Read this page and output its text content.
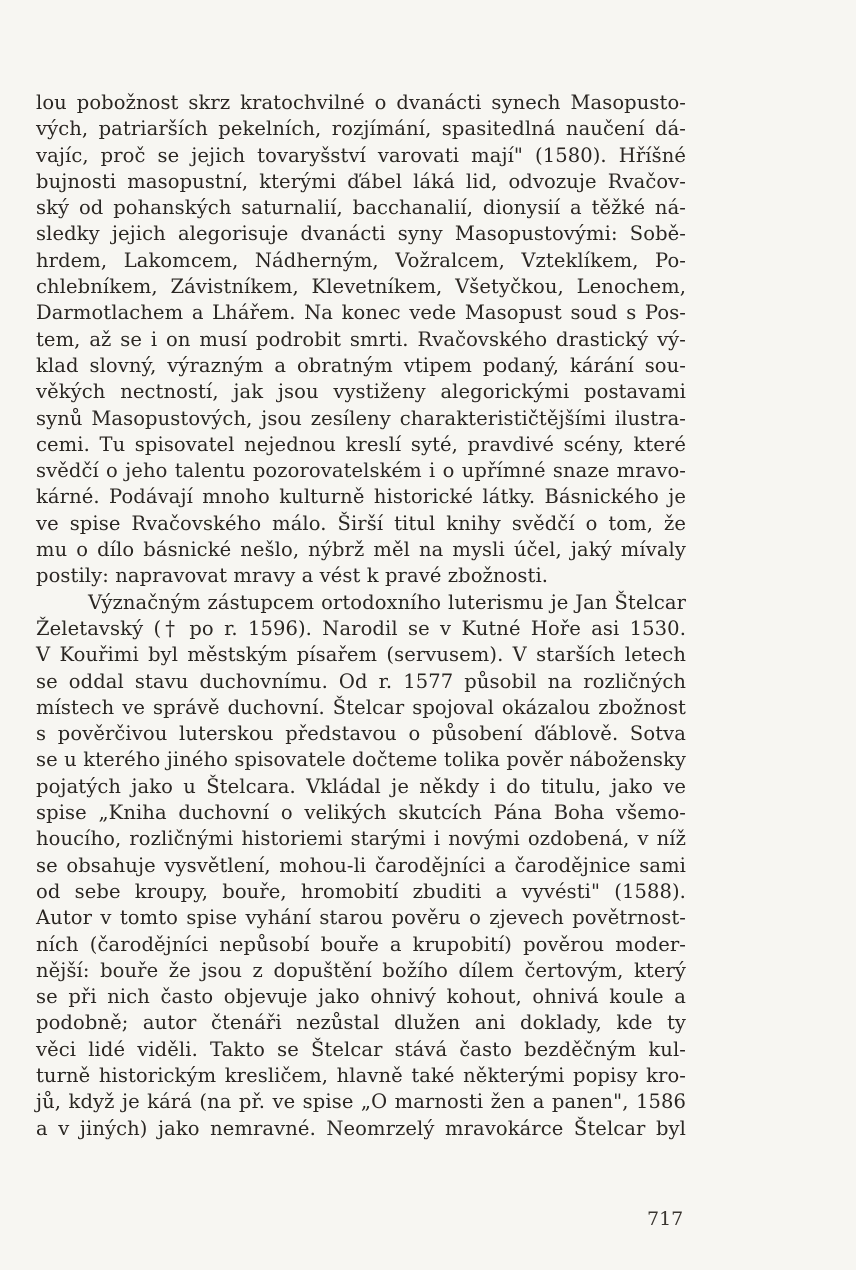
lou pobožnost skrz kratochvilné o dvanácti synech Masopusto-
vých, patriarších pekelních, rozjímání, spasitedlná naučení dá-
vajíc, proč se jejich tovaryšství varovati mají" (1580). Hříšné
bujnosti masopustní, kterými ďábel láká lid, odvozuje Rvačov-
ský od pohanských saturnalií, bacchanalií, dionysií a těžké ná-
sledky jejich alegorisuje dvanácti syny Masopustovými: Sobě-
hrdem, Lakomcem, Nádherným, Vožralcem, Vzteklíkem, Po-
chlebníkem, Závistníkem, Klevetníkem, Všetyčkou, Lenochem,
Darmotlachem a Lhářem. Na konec vede Masopust soud s Pos-
tem, až se i on musí podrobit smrti. Rvačovského drastický vý-
klad slovný, výrazným a obratným vtipem podaný, kárání sou-
věkých nectností, jak jsou vystiženy alegorickými postavami
synů Masopustových, jsou zesíleny charakterističtějšími ilustra-
cemi. Tu spisovatel nejednou kreslí syté, pravdivé scény, které
svědčí o jeho talentu pozorovatelském i o upřímné snaze mravo-
kárné. Podávají mnoho kulturně historické látky. Básnického je
ve spise Rvačovského málo. Širší titul knihy svědčí o tom, že
mu o dílo básnické nešlo, nýbrž měl na mysli účel, jaký mívaly
postily: napravovat mravy a vést k pravé zbožnosti.
Význačným zástupcem ortodoxního luterismu je Jan Štelcar
Želetavský († po r. 1596). Narodil se v Kutné Hoře asi 1530.
V Kouřimi byl městským písařem (servusem). V starších letech
se oddal stavu duchovnímu. Od r. 1577 působil na rozličných
místech ve správě duchovní. Štelcar spojoval okázalou zbožnost
s pověrčivou luterskou představou o působení ďáblově. Sotva
se u kterého jiného spisovatele dočteme tolika pověr nábožensky
pojatých jako u Štelcara. Vkládal je někdy i do titulu, jako ve
spise „Kniha duchovní o velikých skutcích Pána Boha všemo-
houcího, rozličnými historiemi starými i novými ozdobená, v níž
se obsahuje vysvětlení, mohou-li čarodějníci a čarodějnice sami
od sebe kroupy, bouře, hromobití zbuditi a vyvésti" (1588).
Autor v tomto spise vyhání starou pověru o zjevech povětrnost-
ních (čarodějníci nepůsobí bouře a krupobití) pověrou moder-
nější: bouře že jsou z dopuštění božího dílem čertovým, který
se při nich často objevuje jako ohnivý kohout, ohnivá koule a
podobně; autor čtenáři nezůstal dlužen ani doklady, kde ty
věci lidé viděli. Takto se Štelcar stává často bezděčným kul-
turně historickým kresličem, hlavně také některými popisy kro-
jů, když je kárá (na př. ve spise „O marnosti žen a panen", 1586
a v jiných) jako nemravné. Neomrzelý mravokárce Štelcar byl
717
